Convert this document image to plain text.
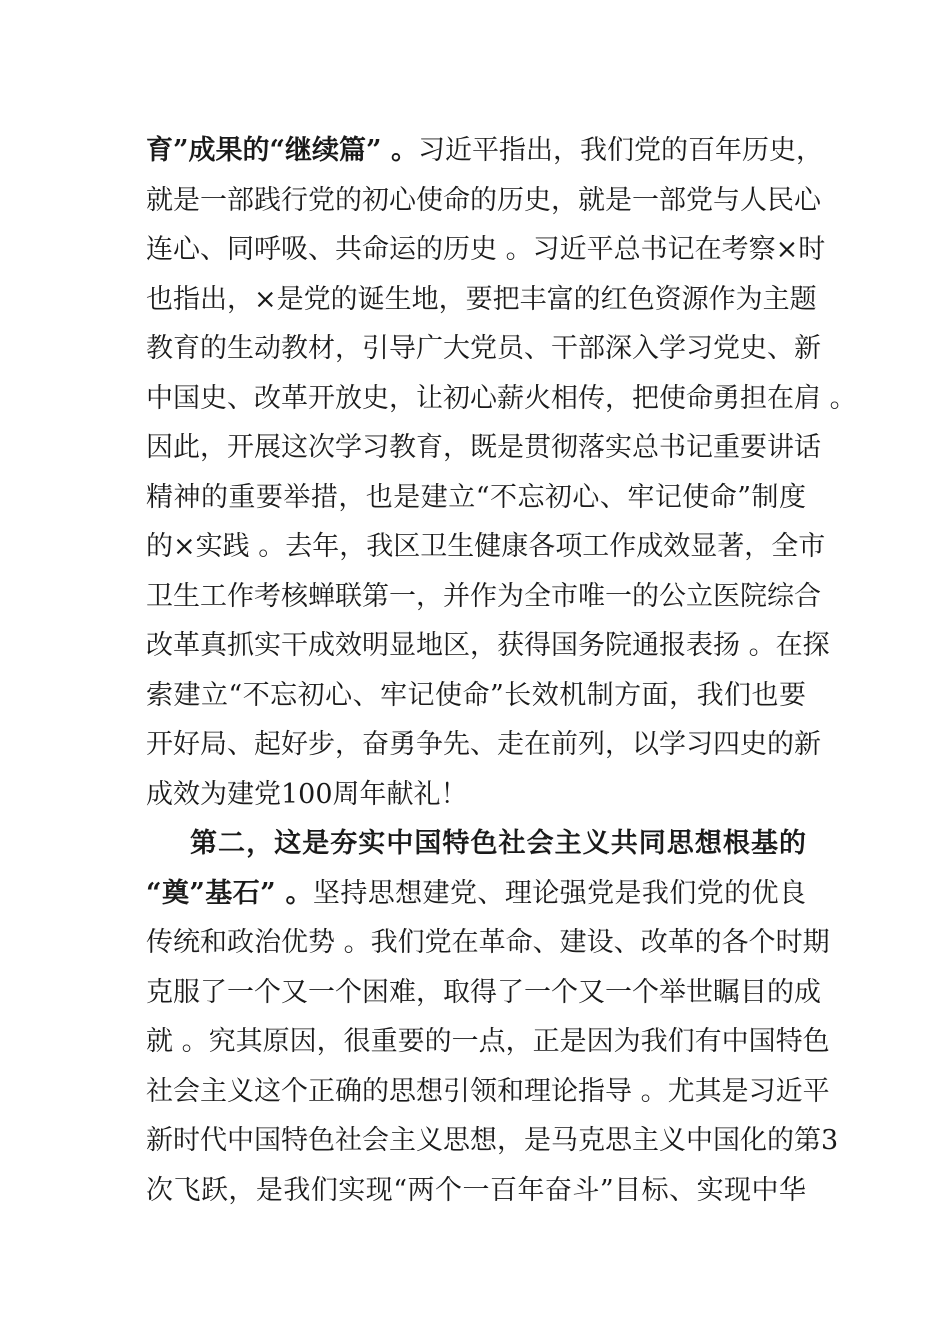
育”成果的“继续篇” 。习近平指出，我们党的百年历史，
就是一部践行党的初心使命的历史，就是一部党与人民心
连心、同呼吸、共命运的历史 。习近平总书记在考察×时
也指出，×是党的诞生地，要把丰富的红色资源作为主题
教育的生动教材，引导广大党员、干部深入学习党史、新
中国史、改革开放史，让初心薪火相传，把使命勇担在肩 。
因此，开展这次学习教育，既是贯彻落实总书记重要讲话
精神的重要举措，也是建立“不忘初心、牢记使命”制度
的×实践 。去年，我区卫生健康各项工作成效显著，全市
卫生工作考核蝉联第一，并作为全市唯一的公立医院综合
改革真抓实干成效明显地区，获得国务院通报表扬 。在探
索建立“不忘初心、牢记使命”长效机制方面，我们也要
开好局、起好步，奋勇争先、走在前列，以学习四史的新
成效为建党100周年献礼！
第二，这是夯实中国特色社会主义共同思想根基的
“奠”基石” 。坚持思想建党、理论强党是我们党的优良
传统和政治优势 。我们党在革命、建设、改革的各个时期
克服了一个又一个困难，取得了一个又一个举世瞩目的成
就 。究其原因，很重要的一点，正是因为我们有中国特色
社会主义这个正确的思想引领和理论指导 。尤其是习近平
新时代中国特色社会主义思想，是马克思主义中国化的第3
次飞跃，是我们实现“两个一百年奋斗”目标、实现中华
